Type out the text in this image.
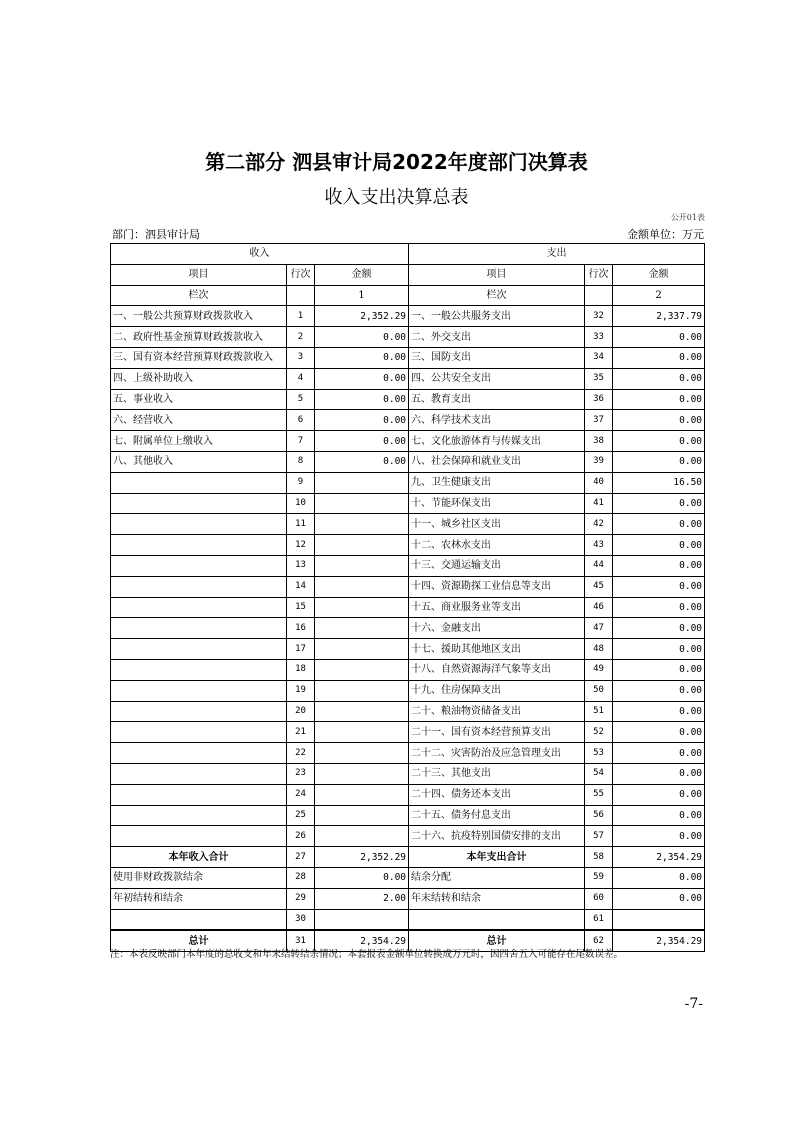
第二部分 泗县审计局2022年度部门决算表
收入支出决算总表
公开01表
部门：泗县审计局	金额单位：万元
收入			支出		
项目	行次	金额	项目	行次	金额
栏次		1	栏次		2
一、一般公共预算财政拨款收入	1	2,352.29	一、一般公共服务支出	32	2,337.79
二、政府性基金预算财政拨款收入	2	0.00	二、外交支出	33	0.00
三、国有资本经营预算财政拨款收入	3	0.00	三、国防支出	34	0.00
四、上级补助收入	4	0.00	四、公共安全支出	35	0.00
五、事业收入	5	0.00	五、教育支出	36	0.00
六、经营收入	6	0.00	六、科学技术支出	37	0.00
七、附属单位上缴收入	7	0.00	七、文化旅游体育与传媒支出	38	0.00
八、其他收入	8	0.00	八、社会保障和就业支出	39	0.00
	9		九、卫生健康支出	40	16.50
	10		十、节能环保支出	41	0.00
	11		十一、城乡社区支出	42	0.00
	12		十二、农林水支出	43	0.00
	13		十三、交通运输支出	44	0.00
	14		十四、资源勘探工业信息等支出	45	0.00
	15		十五、商业服务业等支出	46	0.00
	16		十六、金融支出	47	0.00
	17		十七、援助其他地区支出	48	0.00
	18		十八、自然资源海洋气象等支出	49	0.00
	19		十九、住房保障支出	50	0.00
	20		二十、粮油物资储备支出	51	0.00
	21		二十一、国有资本经营预算支出	52	0.00
	22		二十二、灾害防治及应急管理支出	53	0.00
	23		二十三、其他支出	54	0.00
	24		二十四、债务还本支出	55	0.00
	25		二十五、债务付息支出	56	0.00
	26		二十六、抗疫特别国债安排的支出	57	0.00
本年收入合计	27	2,352.29	本年支出合计	58	2,354.29
使用非财政拨款结余	28	0.00	结余分配	59	0.00
年初结转和结余	29	2.00	年末结转和结余	60	0.00
	30			61	
总计	31	2,354.29	总计	62	2,354.29
注：本表反映部门本年度的总收支和年末结转结余情况；本套报表金额单位转换成万元时，因四舍五入可能存在尾数误差。
-7-
